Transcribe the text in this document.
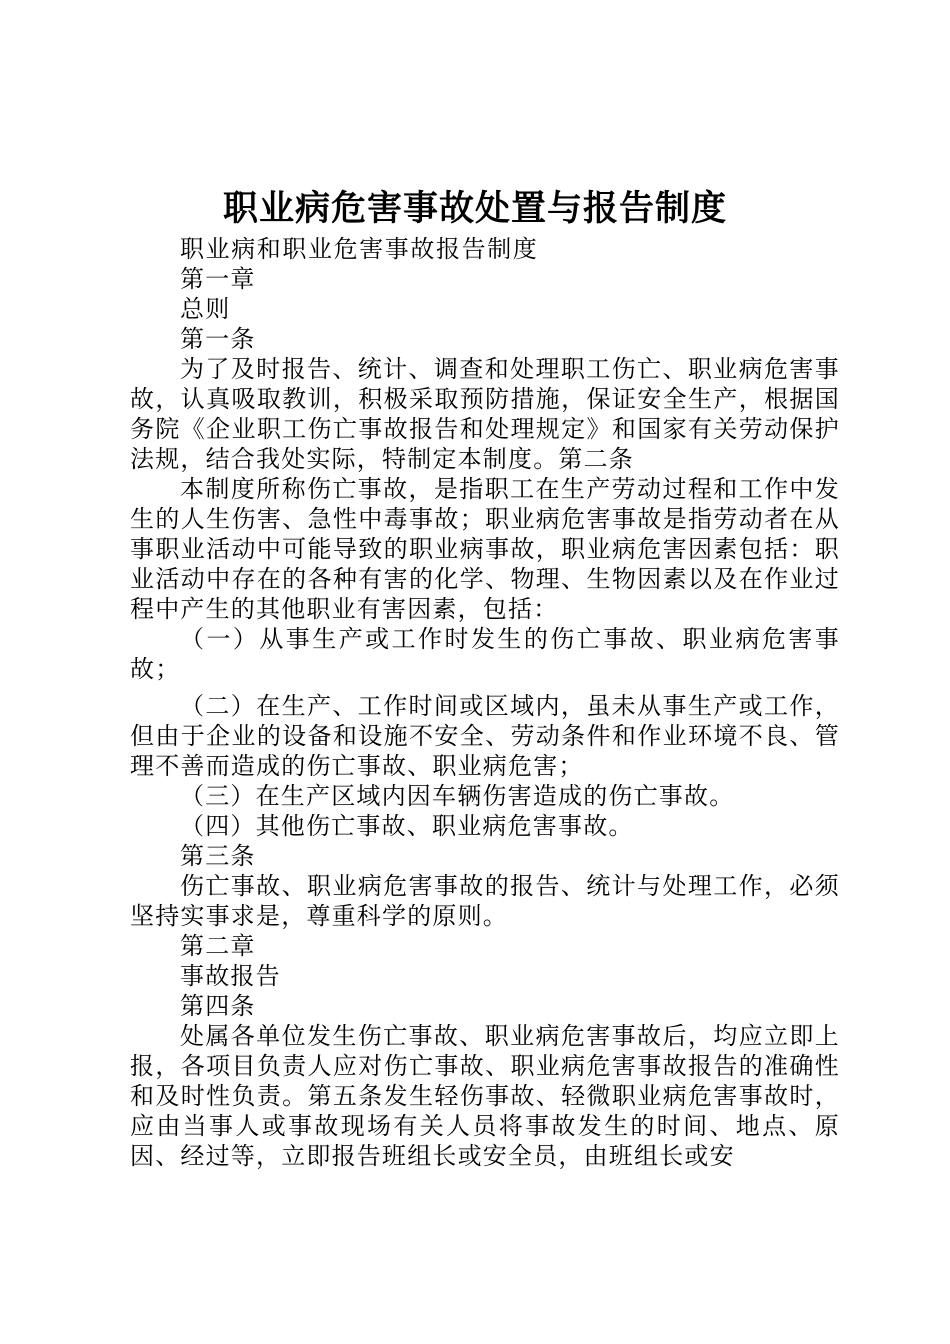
职业病危害事故处置与报告制度

职业病和职业危害事故报告制度

第一章

总则

第一条

为了及时报告、统计、调查和处理职工伤亡、职业病危害事故，认真吸取教训，积极采取预防措施，保证安全生产，根据国务院《企业职工伤亡事故报告和处理规定》和国家有关劳动保护法规，结合我处实际，特制定本制度。第二条

本制度所称伤亡事故，是指职工在生产劳动过程和工作中发生的人生伤害、急性中毒事故；职业病危害事故是指劳动者在从事职业活动中可能导致的职业病事故，职业病危害因素包括：职业活动中存在的各种有害的化学、物理、生物因素以及在作业过程中产生的其他职业有害因素，包括：

（一）从事生产或工作时发生的伤亡事故、职业病危害事故；

（二）在生产、工作时间或区域内，虽未从事生产或工作，但由于企业的设备和设施不安全、劳动条件和作业环境不良、管理不善而造成的伤亡事故、职业病危害；

（三）在生产区域内因车辆伤害造成的伤亡事故。

（四）其他伤亡事故、职业病危害事故。

第三条

伤亡事故、职业病危害事故的报告、统计与处理工作，必须坚持实事求是，尊重科学的原则。

第二章

事故报告

第四条

处属各单位发生伤亡事故、职业病危害事故后，均应立即上报，各项目负责人应对伤亡事故、职业病危害事故报告的准确性和及时性负责。第五条发生轻伤事故、轻微职业病危害事故时，应由当事人或事故现场有关人员将事故发生的时间、地点、原因、经过等，立即报告班组长或安全员，由班组长或安
